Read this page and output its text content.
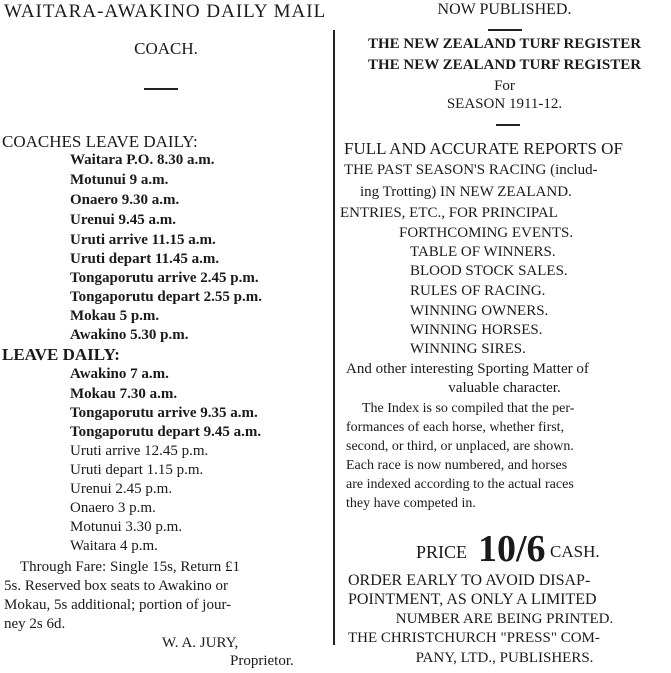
WAITARA-AWAKINO DAILY MAIL
COACH.
COACHES LEAVE DAILY:
Waitara P.O. 8.30 a.m.
Motunui 9 a.m.
Onaero 9.30 a.m.
Urenui 9.45 a.m.
Uruti arrive 11.15 a.m.
Uruti depart 11.45 a.m.
Tongaporutu arrive 2.45 p.m.
Tongaporutu depart 2.55 p.m.
Mokau 5 p.m.
Awakino 5.30 p.m.
LEAVE DAILY:
Awakino 7 a.m.
Mokau 7.30 a.m.
Tongaporutu arrive 9.35 a.m.
Tongaporutu depart 9.45 a.m.
Uruti arrive 12.45 p.m.
Uruti depart 1.15 p.m.
Urenui 2.45 p.m.
Onaero 3 p.m.
Motunui 3.30 p.m.
Waitara 4 p.m.
Through Fare: Single 15s, Return £1
5s. Reserved box seats to Awakino or
Mokau, 5s additional; portion of jour-
ney 2s 6d.
W. A. JURY,
Proprietor.
NOW PUBLISHED.
THE NEW ZEALAND TURF REGISTER
THE NEW ZEALAND TURF REGISTER
For
SEASON 1911-12.
FULL AND ACCURATE REPORTS OF
THE PAST SEASON'S RACING (includ-
ing Trotting) IN NEW ZEALAND.
ENTRIES, ETC., FOR PRINCIPAL
FORTHCOMING EVENTS.
TABLE OF WINNERS.
BLOOD STOCK SALES.
RULES OF RACING.
WINNING OWNERS.
WINNING HORSES.
WINNING SIRES.
And other interesting Sporting Matter of
valuable character.
The Index is so compiled that the per-
formances of each horse, whether first,
second, or third, or unplaced, are shown.
Each race is now numbered, and horses
are indexed according to the actual races
they have competed in.
PRICE 10/6 CASH.
ORDER EARLY TO AVOID DISAP-
POINTMENT, AS ONLY A LIMITED
NUMBER ARE BEING PRINTED.
THE CHRISTCHURCH "PRESS" COM-
PANY, LTD., PUBLISHERS.
